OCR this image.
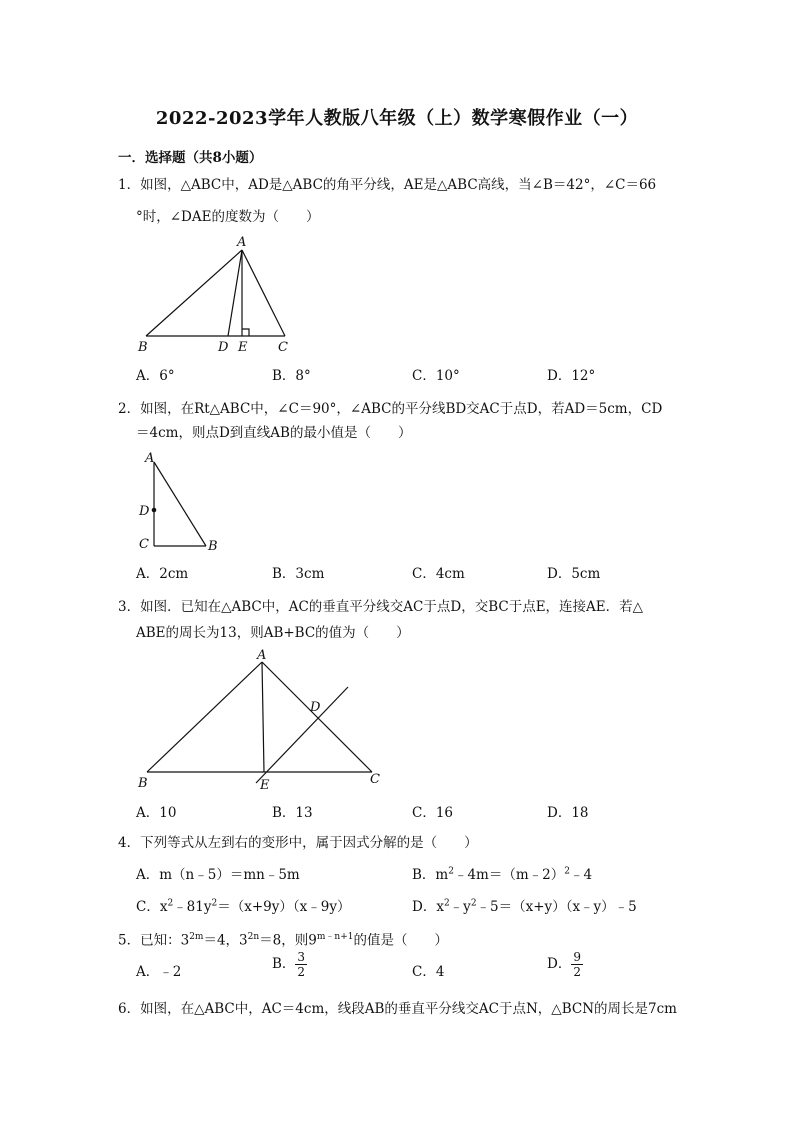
2022-2023学年人教版八年级（上）数学寒假作业（一）
一．选择题（共8小题）
1．如图，△ABC中，AD是△ABC的角平分线，AE是△ABC高线，当∠B＝42°，∠C＝66
°时，∠DAE的度数为（　　）
A
B	C
D E
A．6°	B．8°	C．10°	D．12°
2．如图，在Rt△ABC中，∠C＝90°，∠ABC的平分线BD交AC于点D，若AD＝5cm，CD
＝4cm，则点D到直线AB的最小值是（　　）
A
D
C	B
A．2cm	B．3cm	C．4cm	D．5cm
3．如图．已知在△ABC中，AC的垂直平分线交AC于点D，交BC于点E，连接AE．若△
ABE的周长为13，则AB+BC的值为（　　）
A
B	C
D
E
A．10	B．13	C．16	D．18
4．下列等式从左到右的变形中，属于因式分解的是（　　）
A．m（n﹣5）＝mn﹣5m	B．$m^2﹣4m=(m﹣2)^2﹣4$
C．$x^2﹣81y^2=(x+9y)(x﹣9y)$	D．$x^2﹣y^2﹣5=(x+y)(x﹣y)﹣5$
5．已知：$3^{2m}=4$，$3^{2n}=8$，则$9^{m﹣n+1}$的值是（　　）
A．﹣2	B． $\frac{3}{2}$	C．4	D． $\frac{9}{2}$
6．如图，在△ABC中，AC＝4cm，线段AB的垂直平分线交AC于点N，△BCN的周长是7cm
